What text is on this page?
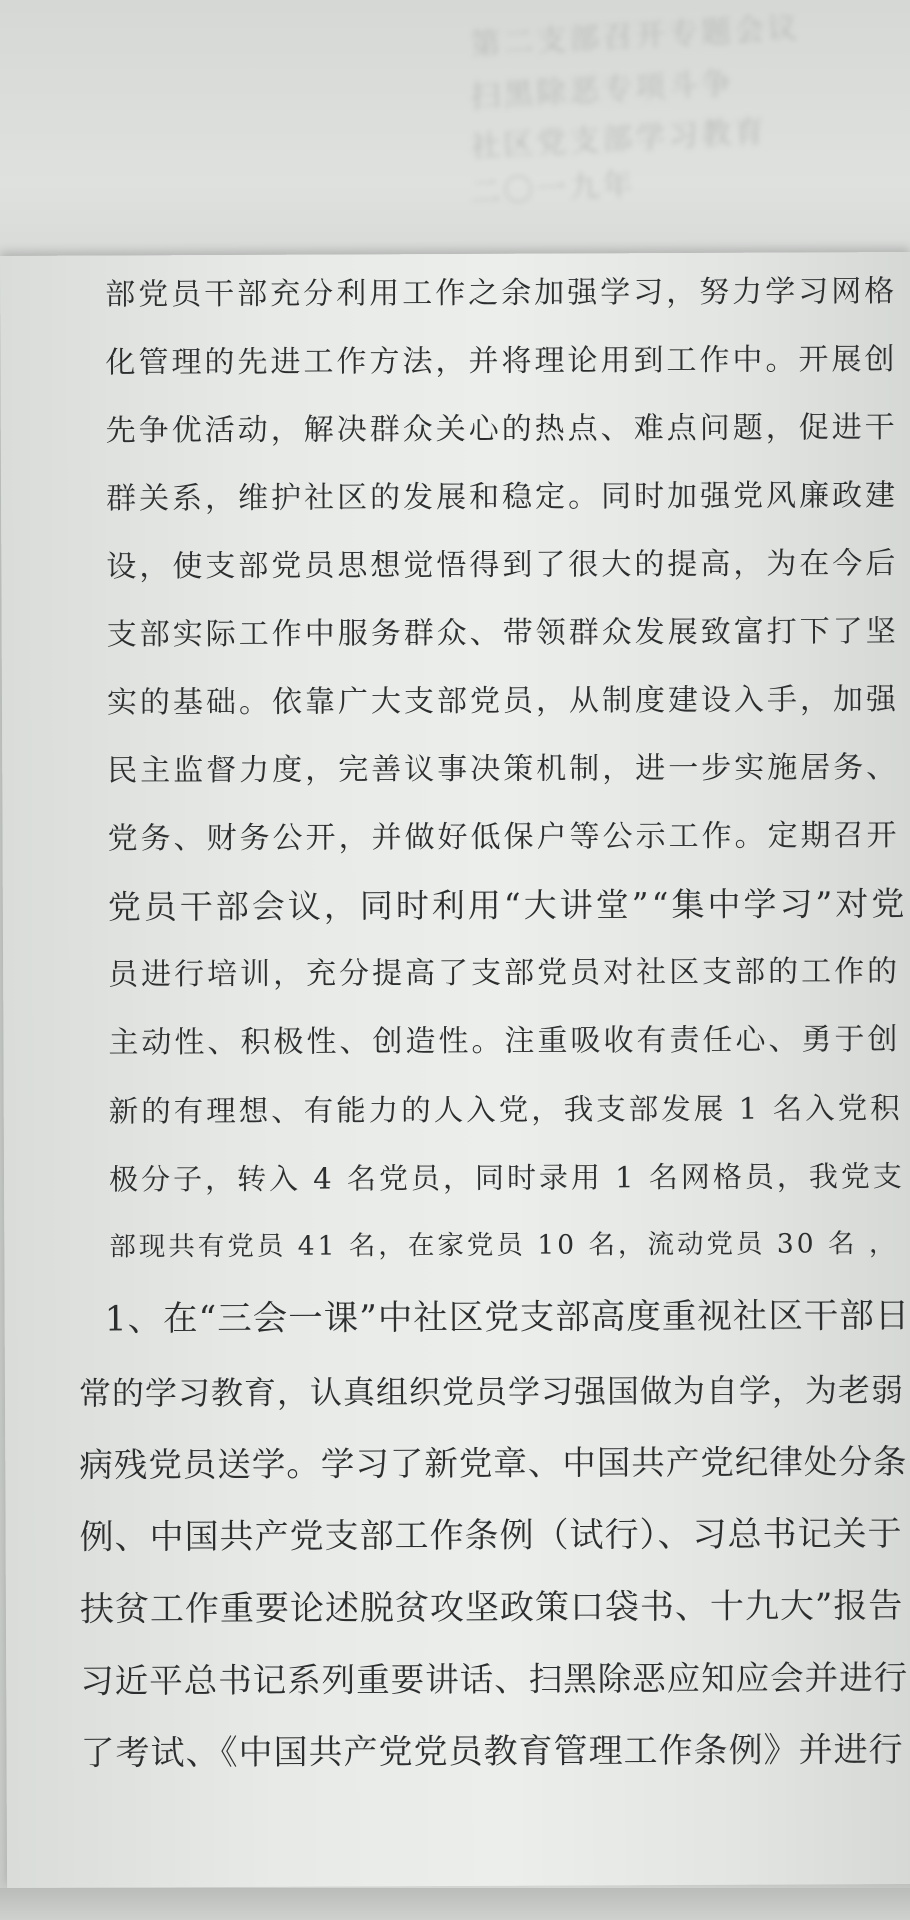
第二支部召开专题会议
扫黑除恶专项斗争
社区党支部学习教育
二〇一九年
部党员干部充分利用工作之余加强学习，努力学习网格
化管理的先进工作方法，并将理论用到工作中。开展创
先争优活动，解决群众关心的热点、难点问题，促进干
群关系，维护社区的发展和稳定。同时加强党风廉政建
设，使支部党员思想觉悟得到了很大的提高，为在今后
支部实际工作中服务群众、带领群众发展致富打下了坚
实的基础。依靠广大支部党员，从制度建设入手，加强
民主监督力度，完善议事决策机制，进一步实施居务、
党务、财务公开，并做好低保户等公示工作。定期召开
党员干部会议，同时利用“大讲堂”“集中学习”对党
员进行培训，充分提高了支部党员对社区支部的工作的
主动性、积极性、创造性。注重吸收有责任心、勇于创
新的有理想、有能力的人入党，我支部发展 1 名入党积
极分子，转入 4 名党员，同时录用 1 名网格员，我党支
部现共有党员 41 名，在家党员 10 名，流动党员 30 名 ，
1、在“三会一课”中社区党支部高度重视社区干部日
常的学习教育，认真组织党员学习强国做为自学，为老弱
病残党员送学。学习了新党章、中国共产党纪律处分条
例、中国共产党支部工作条例（试行）、习总书记关于
扶贫工作重要论述脱贫攻坚政策口袋书、十九大”报告
习近平总书记系列重要讲话、扫黑除恶应知应会并进行
了考试、《中国共产党党员教育管理工作条例》并进行
